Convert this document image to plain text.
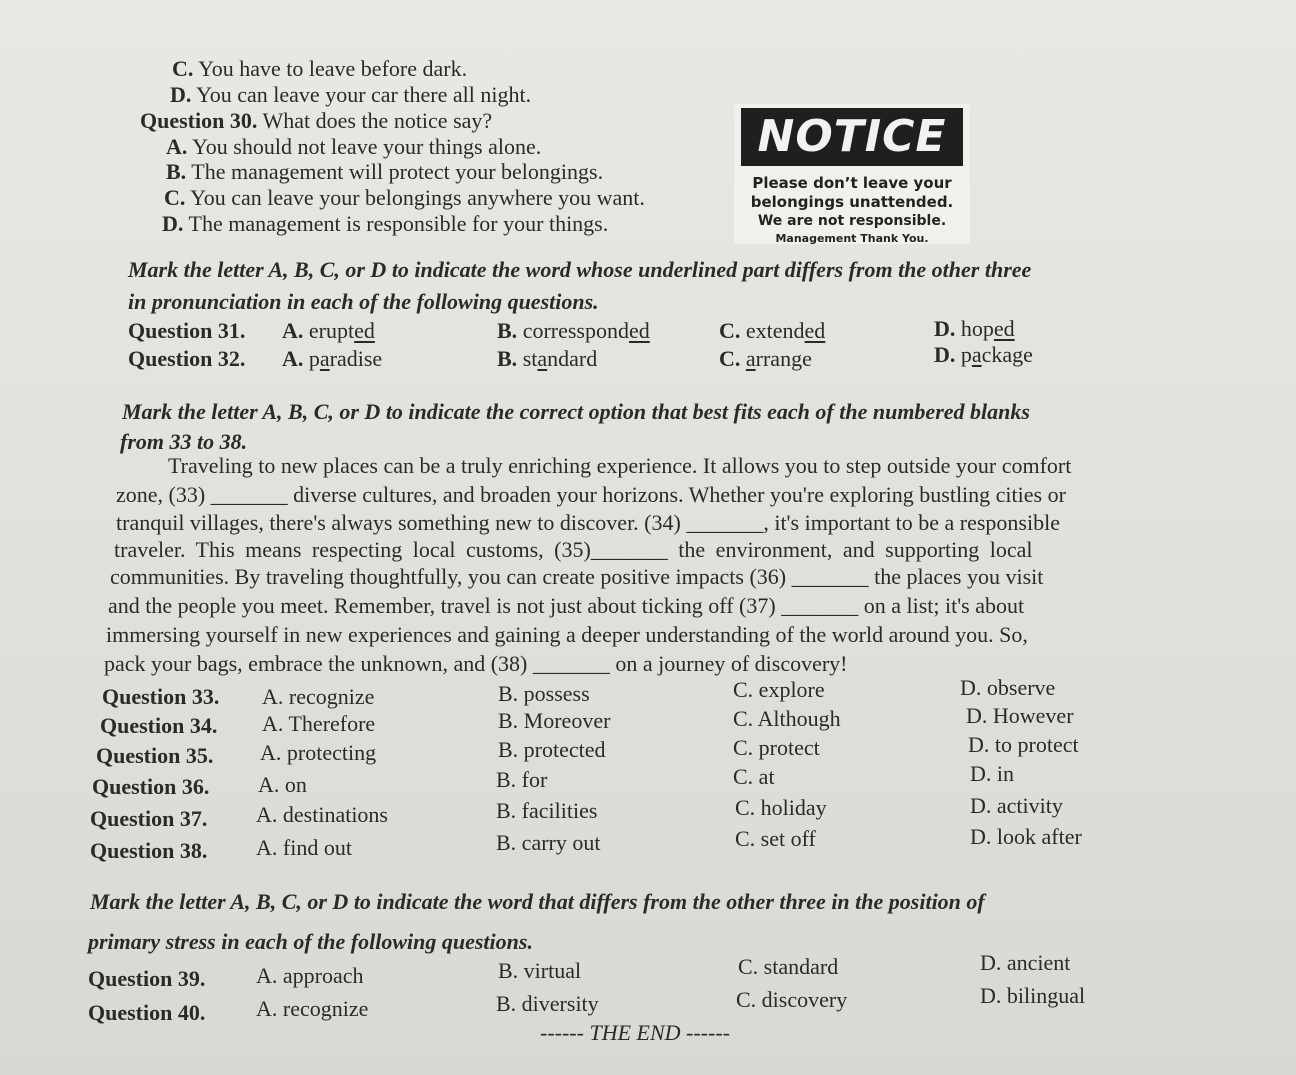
C. You have to leave before dark.
D. You can leave your car there all night.
Question 30. What does the notice say?
A. You should not leave your things alone.
B. The management will protect your belongings.
C. You can leave your belongings anywhere you want.
D. The management is responsible for your things.
NOTICE
Please don’t leave your
belongings unattended.
We are not responsible.
Management Thank You.
Mark the letter A, B, C, or D to indicate the word whose underlined part differs from the other three
in pronunciation in each of the following questions.
Question 31. A. erupted	B. corressponded	C. extended	D. hoped
Question 32. A. paradise	B. standard	C. arrange	D. package
Mark the letter A, B, C, or D to indicate the correct option that best fits each of the numbered blanks
from 33 to 38.
Traveling to new places can be a truly enriching experience. It allows you to step outside your comfort
zone, (33) _______ diverse cultures, and broaden your horizons. Whether you're exploring bustling cities or
tranquil villages, there's always something new to discover. (34) _______, it's important to be a responsible
traveler. This means respecting local customs, (35)_______ the environment, and supporting local
communities. By traveling thoughtfully, you can create positive impacts (36) _______ the places you visit
and the people you meet. Remember, travel is not just about ticking off (37) _______ on a list; it's about
immersing yourself in new experiences and gaining a deeper understanding of the world around you. So,
pack your bags, embrace the unknown, and (38) _______ on a journey of discovery!
Question 33. A. recognize	B. possess	C. explore	D. observe
Question 34. A. Therefore	B. Moreover	C. Although	D. However
Question 35. A. protecting	B. protected	C. protect	D. to protect
Question 36. A. on	B. for	C. at	D. in
Question 37. A. destinations	B. facilities	C. holiday	D. activity
Question 38. A. find out	B. carry out	C. set off	D. look after
Mark the letter A, B, C, or D to indicate the word that differs from the other three in the position of
primary stress in each of the following questions.
Question 39. A. approach	B. virtual	C. standard	D. ancient
Question 40. A. recognize	B. diversity	C. discovery	D. bilingual
------ THE END ------
